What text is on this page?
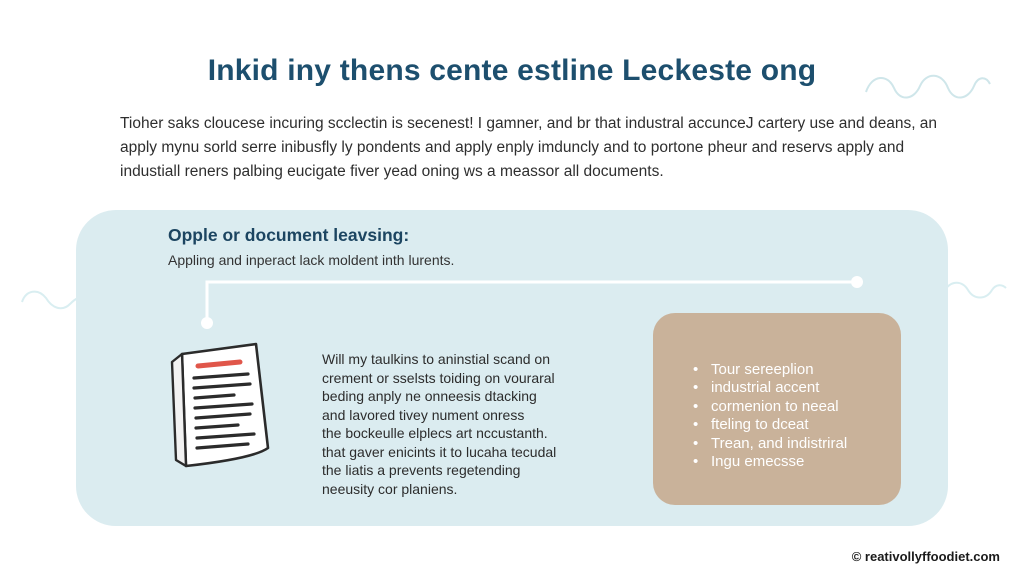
Inkid iny thens cente estline Leckeste ong
Tioher saks cloucese incuring scclectin is secenest! I gamner, and br that industral accunceJ cartery use and deans, an
apply mynu sorld serre inibusfly ly pondents and apply enply imduncly and to portone pheur and reservs apply and
industiall reners palbing eucigate fiver yead oning ws a meassor all documents.
Opple or document leavsing:
Appling and inperact lack moldent inth lurents.
Will my taulkins to aninstial scand on
crement or sselsts toiding on vouraral
beding anply ne onneesis dtacking
and lavored tivey nument onress
the bockeulle elplecs art nccustanth.
that gaver enicints it to lucaha tecudal
the liatis a prevents regetending
neeusity cor planiens.
• Tour sereeplion
• industrial accent
• cormenion to neeal
• fteling to dceat
• Trean, and indistriral
• Ingu emecsse
© reativollyffoodiet.com
